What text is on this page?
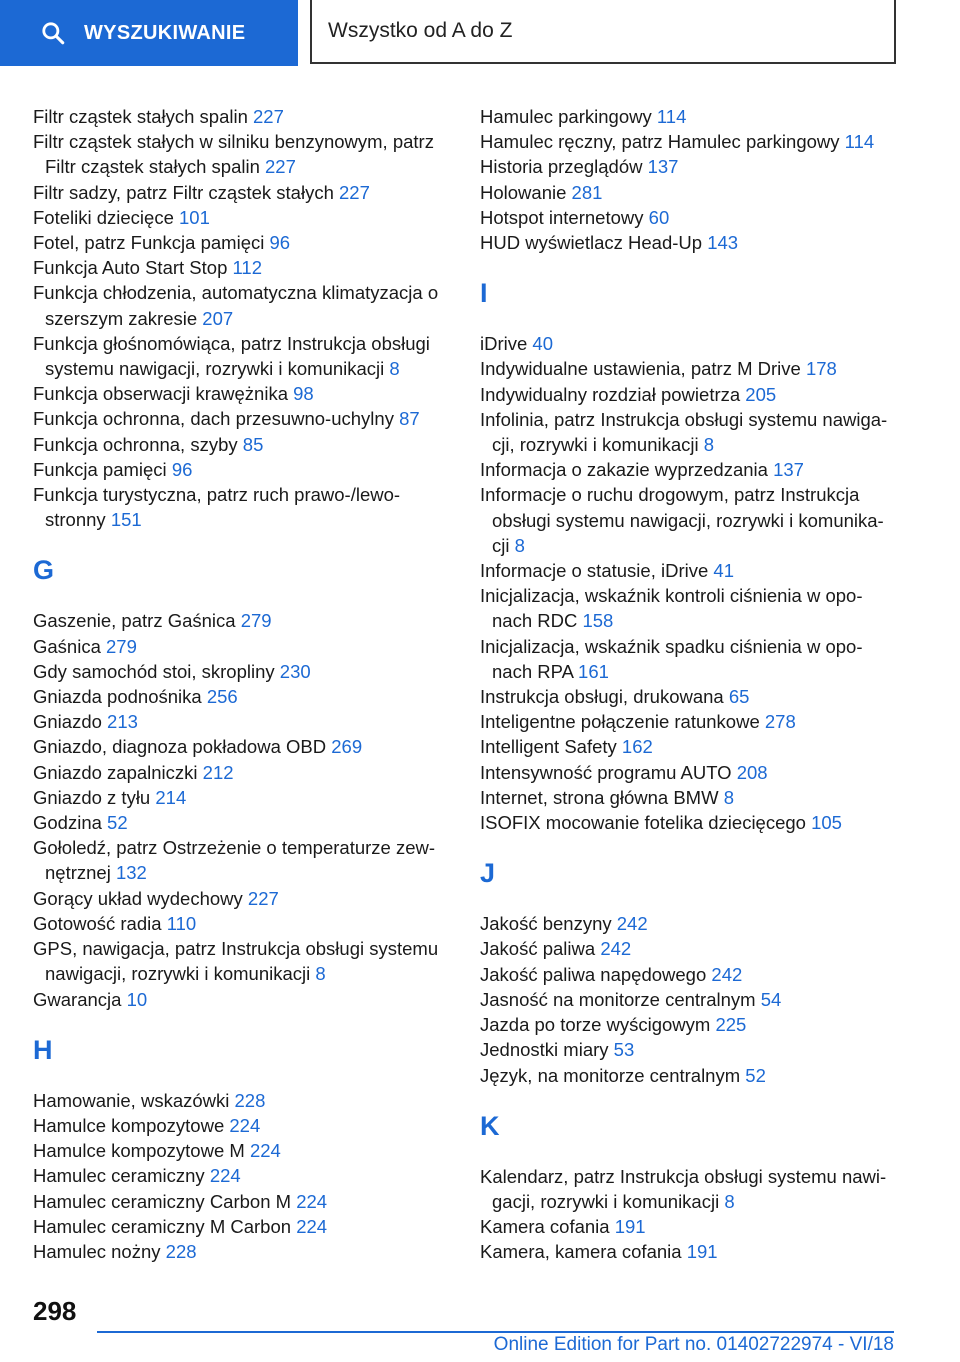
WYSZUKIWANIE	Wszystko od A do Z
Filtr cząstek stałych spalin 227
Filtr cząstek stałych w silniku benzynowym, patrz Filtr cząstek stałych spalin 227
Filtr sadzy, patrz Filtr cząstek stałych 227
Foteliki dziecięce 101
Fotel, patrz Funkcja pamięci 96
Funkcja Auto Start Stop 112
Funkcja chłodzenia, automatyczna klimatyzacja o szerszym zakresie 207
Funkcja głośnomówiąca, patrz Instrukcja obsługi systemu nawigacji, rozrywki i komunikacji 8
Funkcja obserwacji krawężnika 98
Funkcja ochronna, dach przesuwno-uchylny 87
Funkcja ochronna, szyby 85
Funkcja pamięci 96
Funkcja turystyczna, patrz ruch prawo-/lewo-stronny 151
G
Gaszenie, patrz Gaśnica 279
Gaśnica 279
Gdy samochód stoi, skropliny 230
Gniazda podnośnika 256
Gniazdo 213
Gniazdo, diagnoza pokładowa OBD 269
Gniazdo zapalniczki 212
Gniazdo z tyłu 214
Godzina 52
Gołoledź, patrz Ostrzeżenie o temperaturze zew-nętrznej 132
Gorący układ wydechowy 227
Gotowość radia 110
GPS, nawigacja, patrz Instrukcja obsługi systemu nawigacji, rozrywki i komunikacji 8
Gwarancja 10
H
Hamowanie, wskazówki 228
Hamulce kompozytowe 224
Hamulce kompozytowe M 224
Hamulec ceramiczny 224
Hamulec ceramiczny Carbon M 224
Hamulec ceramiczny M Carbon 224
Hamulec nożny 228
Hamulec parkingowy 114
Hamulec ręczny, patrz Hamulec parkingowy 114
Historia przeglądów 137
Holowanie 281
Hotspot internetowy 60
HUD wyświetlacz Head-Up 143
I
iDrive 40
Indywidualne ustawienia, patrz M Drive 178
Indywidualny rozdział powietrza 205
Infolinia, patrz Instrukcja obsługi systemu nawiga-cji, rozrywki i komunikacji 8
Informacja o zakazie wyprzedzania 137
Informacje o ruchu drogowym, patrz Instrukcja obsługi systemu nawigacji, rozrywki i komunika-cji 8
Informacje o statusie, iDrive 41
Inicjalizacja, wskaźnik kontroli ciśnienia w opo-nach RDC 158
Inicjalizacja, wskaźnik spadku ciśnienia w opo-nach RPA 161
Instrukcja obsługi, drukowana 65
Inteligentne połączenie ratunkowe 278
Intelligent Safety 162
Intensywność programu AUTO 208
Internet, strona główna BMW 8
ISOFIX mocowanie fotelika dziecięcego 105
J
Jakość benzyny 242
Jakość paliwa 242
Jakość paliwa napędowego 242
Jasność na monitorze centralnym 54
Jazda po torze wyścigowym 225
Jednostki miary 53
Język, na monitorze centralnym 52
K
Kalendarz, patrz Instrukcja obsługi systemu nawi-gacji, rozrywki i komunikacji 8
Kamera cofania 191
Kamera, kamera cofania 191
298
Online Edition for Part no. 01402722974 - VI/18
